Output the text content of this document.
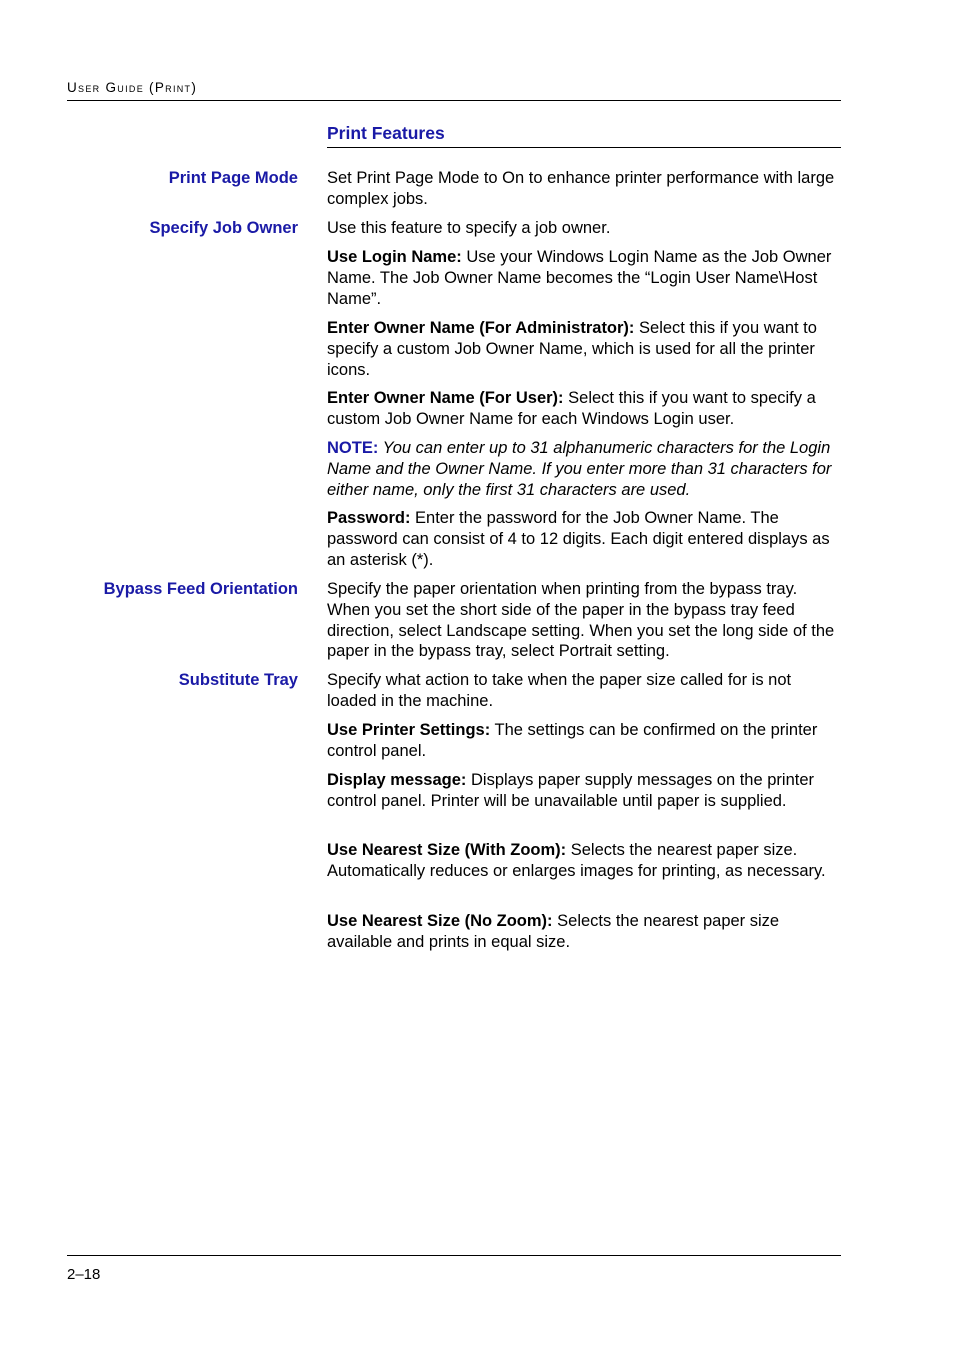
User Guide (Print)
Print Features
Print Page Mode Set Print Page Mode to On to enhance printer performance with large complex jobs.
Specify Job Owner Use this feature to specify a job owner.
Use Login Name: Use your Windows Login Name as the Job Owner Name. The Job Owner Name becomes the “Login User Name\Host Name”.
Enter Owner Name (For Administrator): Select this if you want to specify a custom Job Owner Name, which is used for all the printer icons.
Enter Owner Name (For User): Select this if you want to specify a custom Job Owner Name for each Windows Login user.
NOTE: You can enter up to 31 alphanumeric characters for the Login Name and the Owner Name. If you enter more than 31 characters for either name, only the first 31 characters are used.
Password: Enter the password for the Job Owner Name. The password can consist of 4 to 12 digits. Each digit entered displays as an asterisk (*).
Bypass Feed Orientation Specify the paper orientation when printing from the bypass tray. When you set the short side of the paper in the bypass tray feed direction, select Landscape setting. When you set the long side of the paper in the bypass tray, select Portrait setting.
Substitute Tray Specify what action to take when the paper size called for is not loaded in the machine.
Use Printer Settings: The settings can be confirmed on the printer control panel.
Display message: Displays paper supply messages on the printer control panel. Printer will be unavailable until paper is supplied.
Use Nearest Size (With Zoom): Selects the nearest paper size. Automatically reduces or enlarges images for printing, as necessary.
Use Nearest Size (No Zoom): Selects the nearest paper size available and prints in equal size.
2–18
